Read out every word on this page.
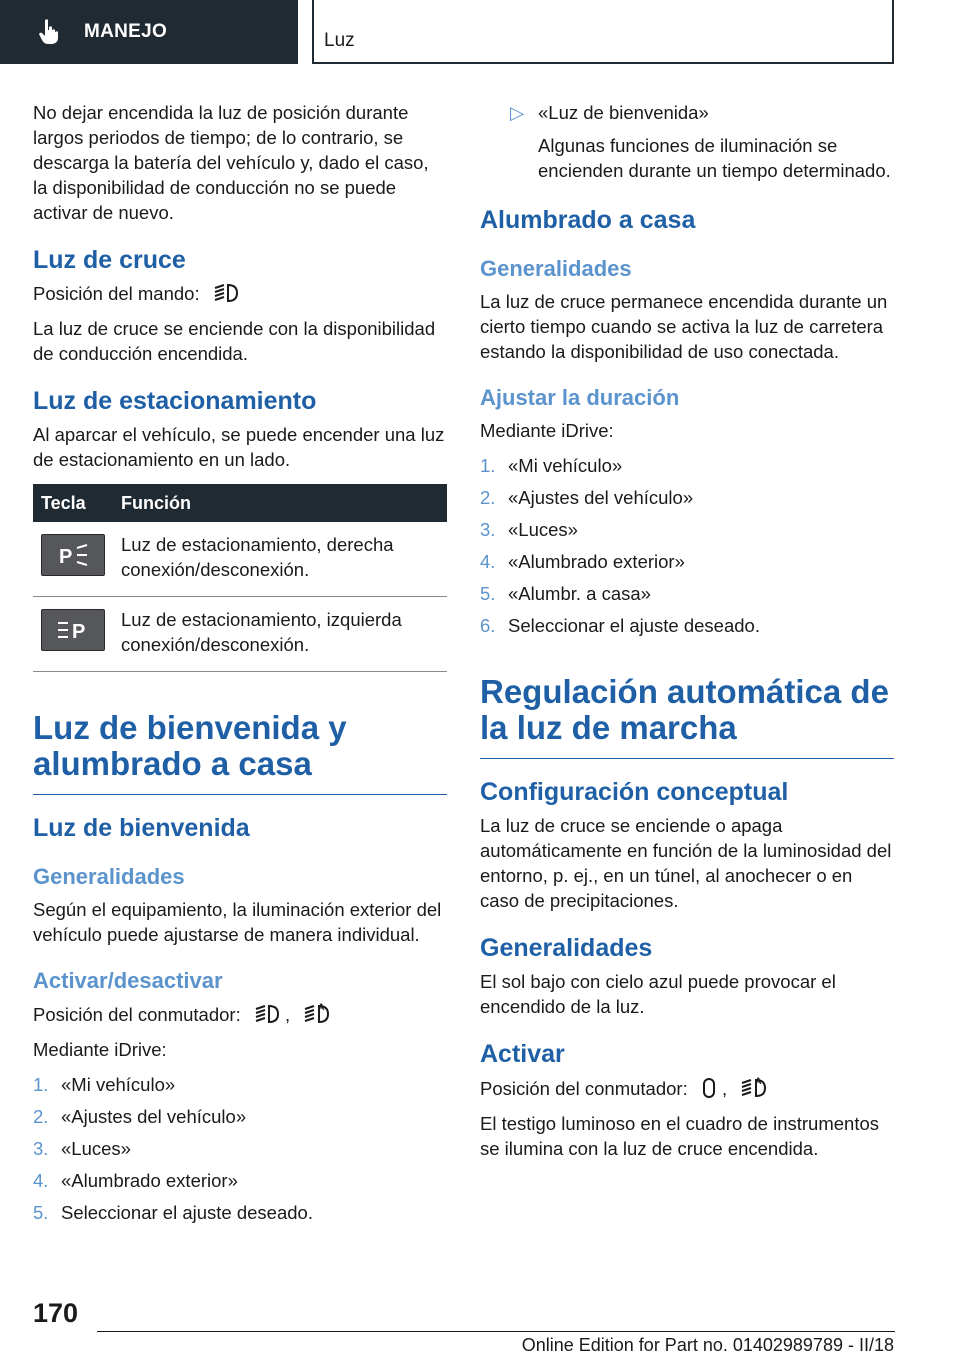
MANEJO	Luz

No dejar encendida la luz de posición durante largos periodos de tiempo; de lo contrario, se descarga la batería del vehículo y, dado el caso, la disponibilidad de conducción no se puede activar de nuevo.

Luz de cruce

Posición del mando:

La luz de cruce se enciende con la disponibilidad de conducción encendida.

Luz de estacionamiento

Al aparcar el vehículo, se puede encender una luz de estacionamiento en un lado.

Tecla	Función

P	Luz de estacionamiento, derecha conexión/desconexión.

P	Luz de estacionamiento, izquierda conexión/desconexión.
Luz de bienvenida y alumbrado a casa
Luz de bienvenida
Generalidades

Según el equipamiento, la iluminación exterior del vehículo puede ajustarse de manera individual.

Activar/desactivar

Posición del conmutador: ,	A

Mediante iDrive:

1. «Mi vehículo»
2. «Ajustes del vehículo»
3. «Luces»
4. «Alumbrado exterior»
5. Seleccionar el ajuste deseado.
▷ «Luz de bienvenida»
Algunas funciones de iluminación se encienden durante un tiempo determinado.
Alumbrado a casa
Generalidades

La luz de cruce permanece encendida durante un cierto tiempo cuando se activa la luz de carretera estando la disponibilidad de uso conectada.

Ajustar la duración

Mediante iDrive:

1. «Mi vehículo»
2. «Ajustes del vehículo»
3. «Luces»
4. «Alumbrado exterior»
5. «Alumbr. a casa»
6. Seleccionar el ajuste deseado.
Regulación automática de la luz de marcha
Configuración conceptual

La luz de cruce se enciende o apaga automáticamente en función de la luminosidad del entorno, p. ej., en un túnel, al anochecer o en caso de precipitaciones.

Generalidades

El sol bajo con cielo azul puede provocar el encendido de la luz.

Activar

Posición del conmutador: ,	A

El testigo luminoso en el cuadro de instrumentos se ilumina con la luz de cruce encendida.

170
Online Edition for Part no. 01402989789 - II/18
